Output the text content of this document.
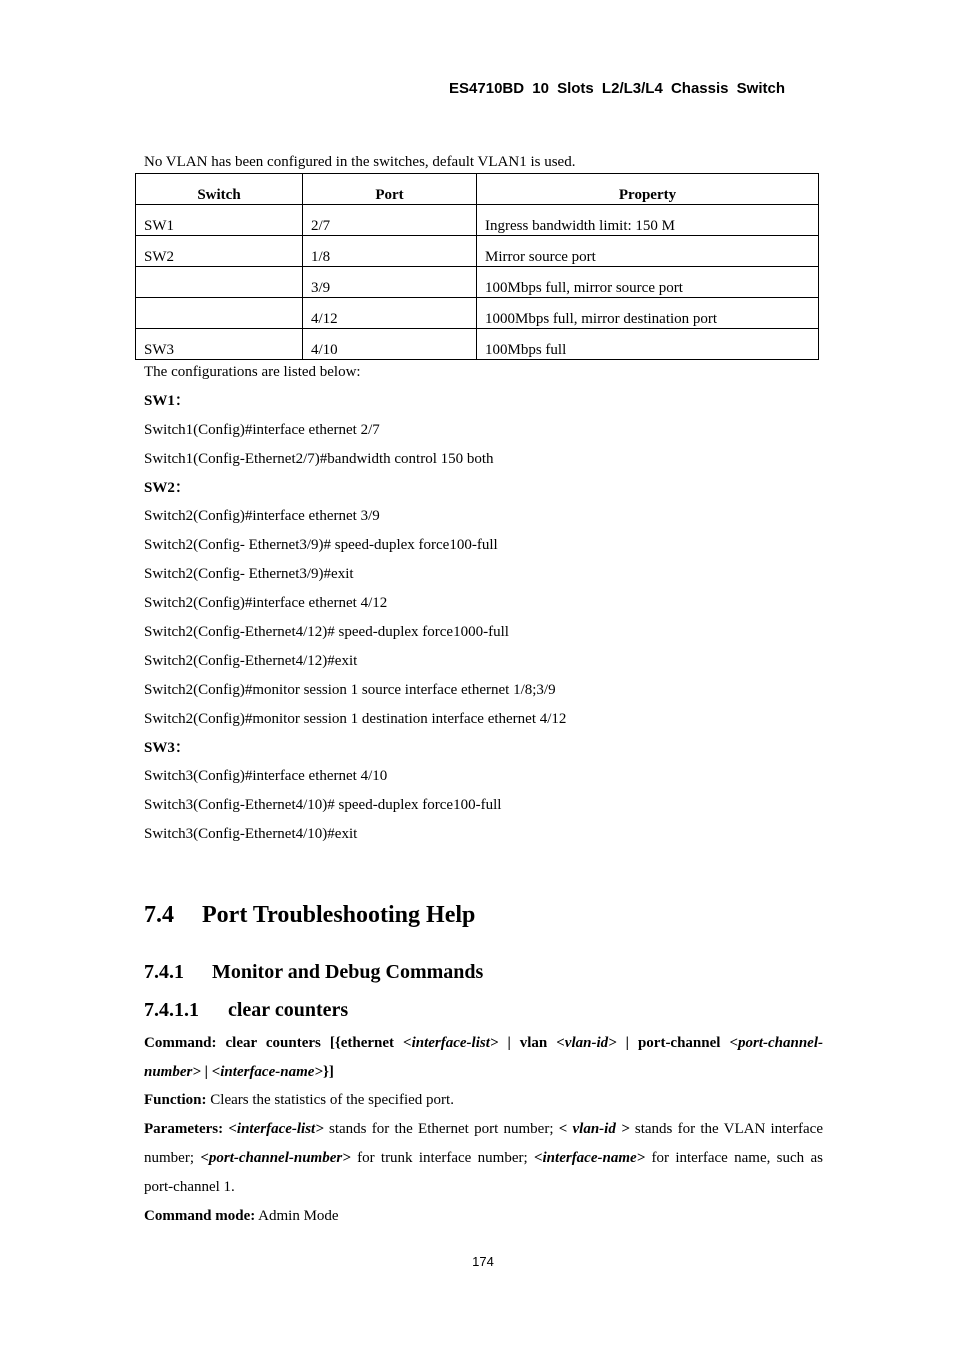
ES4710BD 10 Slots L2/L3/L4 Chassis Switch
No VLAN has been configured in the switches, default VLAN1 is used.
Switch	Port	Property
SW1	2/7	Ingress bandwidth limit: 150 M
SW2	1/8	Mirror source port
	3/9	100Mbps full, mirror source port
	4/12	1000Mbps full, mirror destination port
SW3	4/10	100Mbps full
The configurations are listed below:
SW1：
Switch1(Config)#interface ethernet 2/7
Switch1(Config-Ethernet2/7)#bandwidth control 150 both
SW2：
Switch2(Config)#interface ethernet 3/9
Switch2(Config- Ethernet3/9)# speed-duplex force100-full
Switch2(Config- Ethernet3/9)#exit
Switch2(Config)#interface ethernet 4/12
Switch2(Config-Ethernet4/12)# speed-duplex force1000-full
Switch2(Config-Ethernet4/12)#exit
Switch2(Config)#monitor session 1 source interface ethernet 1/8;3/9
Switch2(Config)#monitor session 1 destination interface ethernet 4/12
SW3：
Switch3(Config)#interface ethernet 4/10
Switch3(Config-Ethernet4/10)# speed-duplex force100-full
Switch3(Config-Ethernet4/10)#exit
7.4 Port Troubleshooting Help
7.4.1 Monitor and Debug Commands
7.4.1.1 clear counters
Command: clear counters [{ethernet <interface-list> | vlan <vlan-id> | port-channel <port-channel-number> | <interface-name>}]
Function: Clears the statistics of the specified port.
Parameters: <interface-list> stands for the Ethernet port number; < vlan-id > stands for the VLAN interface number; <port-channel-number> for trunk interface number; <interface-name> for interface name, such as port-channel 1.
Command mode: Admin Mode
174
